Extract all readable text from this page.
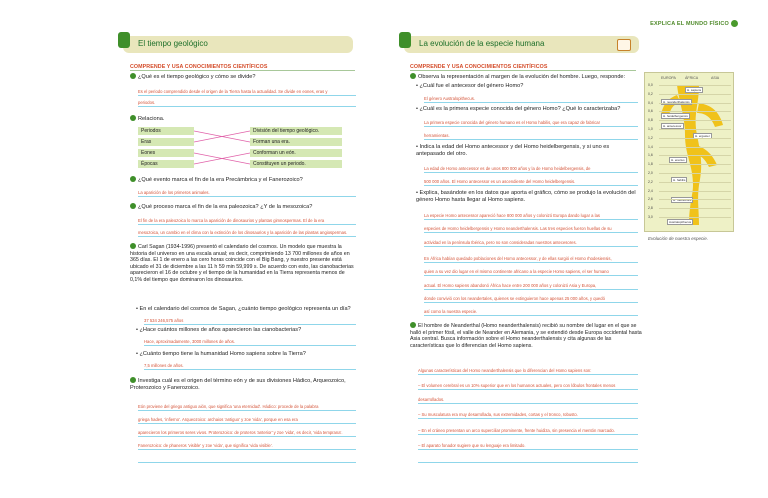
EXPLICA EL MUNDO FÍSICO
El tiempo geológico
COMPRENDE Y USA CONOCIMIENTOS CIENTÍFICOS
¿Qué es el tiempo geológico y cómo se divide?
Es el periodo comprendido desde el origen de la Tierra hasta la actualidad. Se divide en eones, eras y
periodos.
Relaciona.
Periodos
Eras
Eones
Épocas
División del tiempo geológico.
Forman una era.
Conforman un eón.
Constituyen un periodo.
¿Qué evento marca el fin de la era Precámbrica y el Fanerozoico?
La aparición de los primeros animales.
¿Qué proceso marca el fin de la era paleozoica? ¿Y de la mesozoica?
El fin de la era paleozoica lo marca la aparición de dinosaurios y plantas gimnospermas. El de la era
mesozoica, un cambio en el clima con la extinción de los dinosaurios y la aparición de las plantas angiospermas.
Carl Sagan (1934-1996) presentó el calendario del cosmos. Un modelo que muestra la historia del universo en una escala anual; es decir, comprimiendo 13 700 millones de años en 365 días. El 1 de enero a las cero horas coincide con el Big Bang, y nuestro presente está ubicado el 31 de diciembre a las 11 h 59 min 59,999 s. De acuerdo con esto, las cianobacterias aparecieron el 16 de octubre y el tiempo de la humanidad en la Tierra representa menos de 0,1% del tiempo que dominaron los dinosaurios.
• En el calendario del cosmos de Sagan, ¿cuánto tiempo geológico representa un día?
37 534 246,575 años
• ¿Hace cuántos millones de años aparecieron las cianobacterias?
Hace, aproximadamente, 3000 millones de años.
• ¿Cuánto tiempo tiene la humanidad Homo sapiens sobre la Tierra?
7,5 millones de años.
Investiga cuál es el origen del término eón y de sus divisiones Hádico, Arqueozoico, Proterozoico y Fanerozoico.
Eón proviene del griego antiguo aión, que significa 'una eternidad'. Hádico: procede de la palabra
griega hades, 'infierno'. Arqueozoico: archaios 'antiguo' y zoe 'vida', porque en esa era
aparecieron los primeros seres vivos. Proterozoico: de proteros 'anterior' y zoe 'vida', es decir, 'vida temprana'.
Fanerozoico: de phaneros 'visible' y zoe 'vida', que significa 'vida visible'.
La evolución de la especie humana
COMPRENDE Y USA CONOCIMIENTOS CIENTÍFICOS
Observa la representación al margen de la evolución del hombre. Luego, responde:
• ¿Cuál fue el antecesor del género Homo?
El género Australopithecus.
• ¿Cuál es la primera especie conocida del género Homo? ¿Qué lo caracterizaba?
La primera especie conocida del género humano es el Homo habilis, que era capaz de fabricar
herramientas.
• Indica la edad del Homo antecessor y del Homo heidelbergensis, y si uno es antepasado del otro.
La edad de Homo antecessor es de unos 800 000 años y la de Homo heidelbergensis, de
500 000 años. El Homo antecessor es un ascendiente del Homo heidelbergensis.
• Explica, basándote en los datos que aporta el gráfico, cómo se produjo la evolución del género Homo hasta llegar al Homo sapiens.
La especie Homo antecessor apareció hace 800 000 años y colonizó Europa dando lugar a las
especies de Homo heidelbergensis y Homo neanderthalensis. Las tres especies fueron huellas de su
actividad en la península Ibérica, pero no son consideradas nuestros antecesores.
En África habían quedado poblaciones del Homo antecessor, y de ellas surgió el Homo rhodesiensis,
quien a su vez dio lugar en el mismo continente africano a la especie Homo sapiens, el ser humano
actual. El Homo sapiens abandonó África hace entre 200 000 años y colonizó Asia y Europa,
donde convivió con los neandertales, quienes se extinguieron hace apenas 25 000 años, y quedó
así como la nuestra especie.
El hombre de Neanderthal (Homo neanderthalensis) recibió su nombre del lugar en el que se halló el primer fósil, el valle de Neander en Alemania, y se extendió desde Europa occidental hasta Asia central. Busca información sobre el Homo neanderthalensis y cita algunas de las características que lo diferencian del Homo sapiens.
Algunas características del Homo neanderthalensis que lo diferencian del Homo sapiens son:
– El volumen cerebral es un 10% superior que en los humanos actuales, pero con lóbulos frontales menos
desarrollados.
– Su musculatura era muy desarrollada, sus extremidades, cortas y el tronco, robusto.
– En el cráneo presentan un arco superciliar prominente, frente huidiza, sin presencia el mentón marcado.
– El aparato fonador sugiere que su lenguaje era limitado.
EUROPA	ÁFRICA	ASIA
H. sapiens
H. heidelbergensis
H. antecessor
H. ergaster
H. erectus
H. habilis
Australopithecus
0,0
0,2
0,4
0,6
0,8
1,0
1,2
1,4
1,6
1,8
2,0
2,2
2,4
2,6
2,8
3,0
Evolución de nuestra especie.
